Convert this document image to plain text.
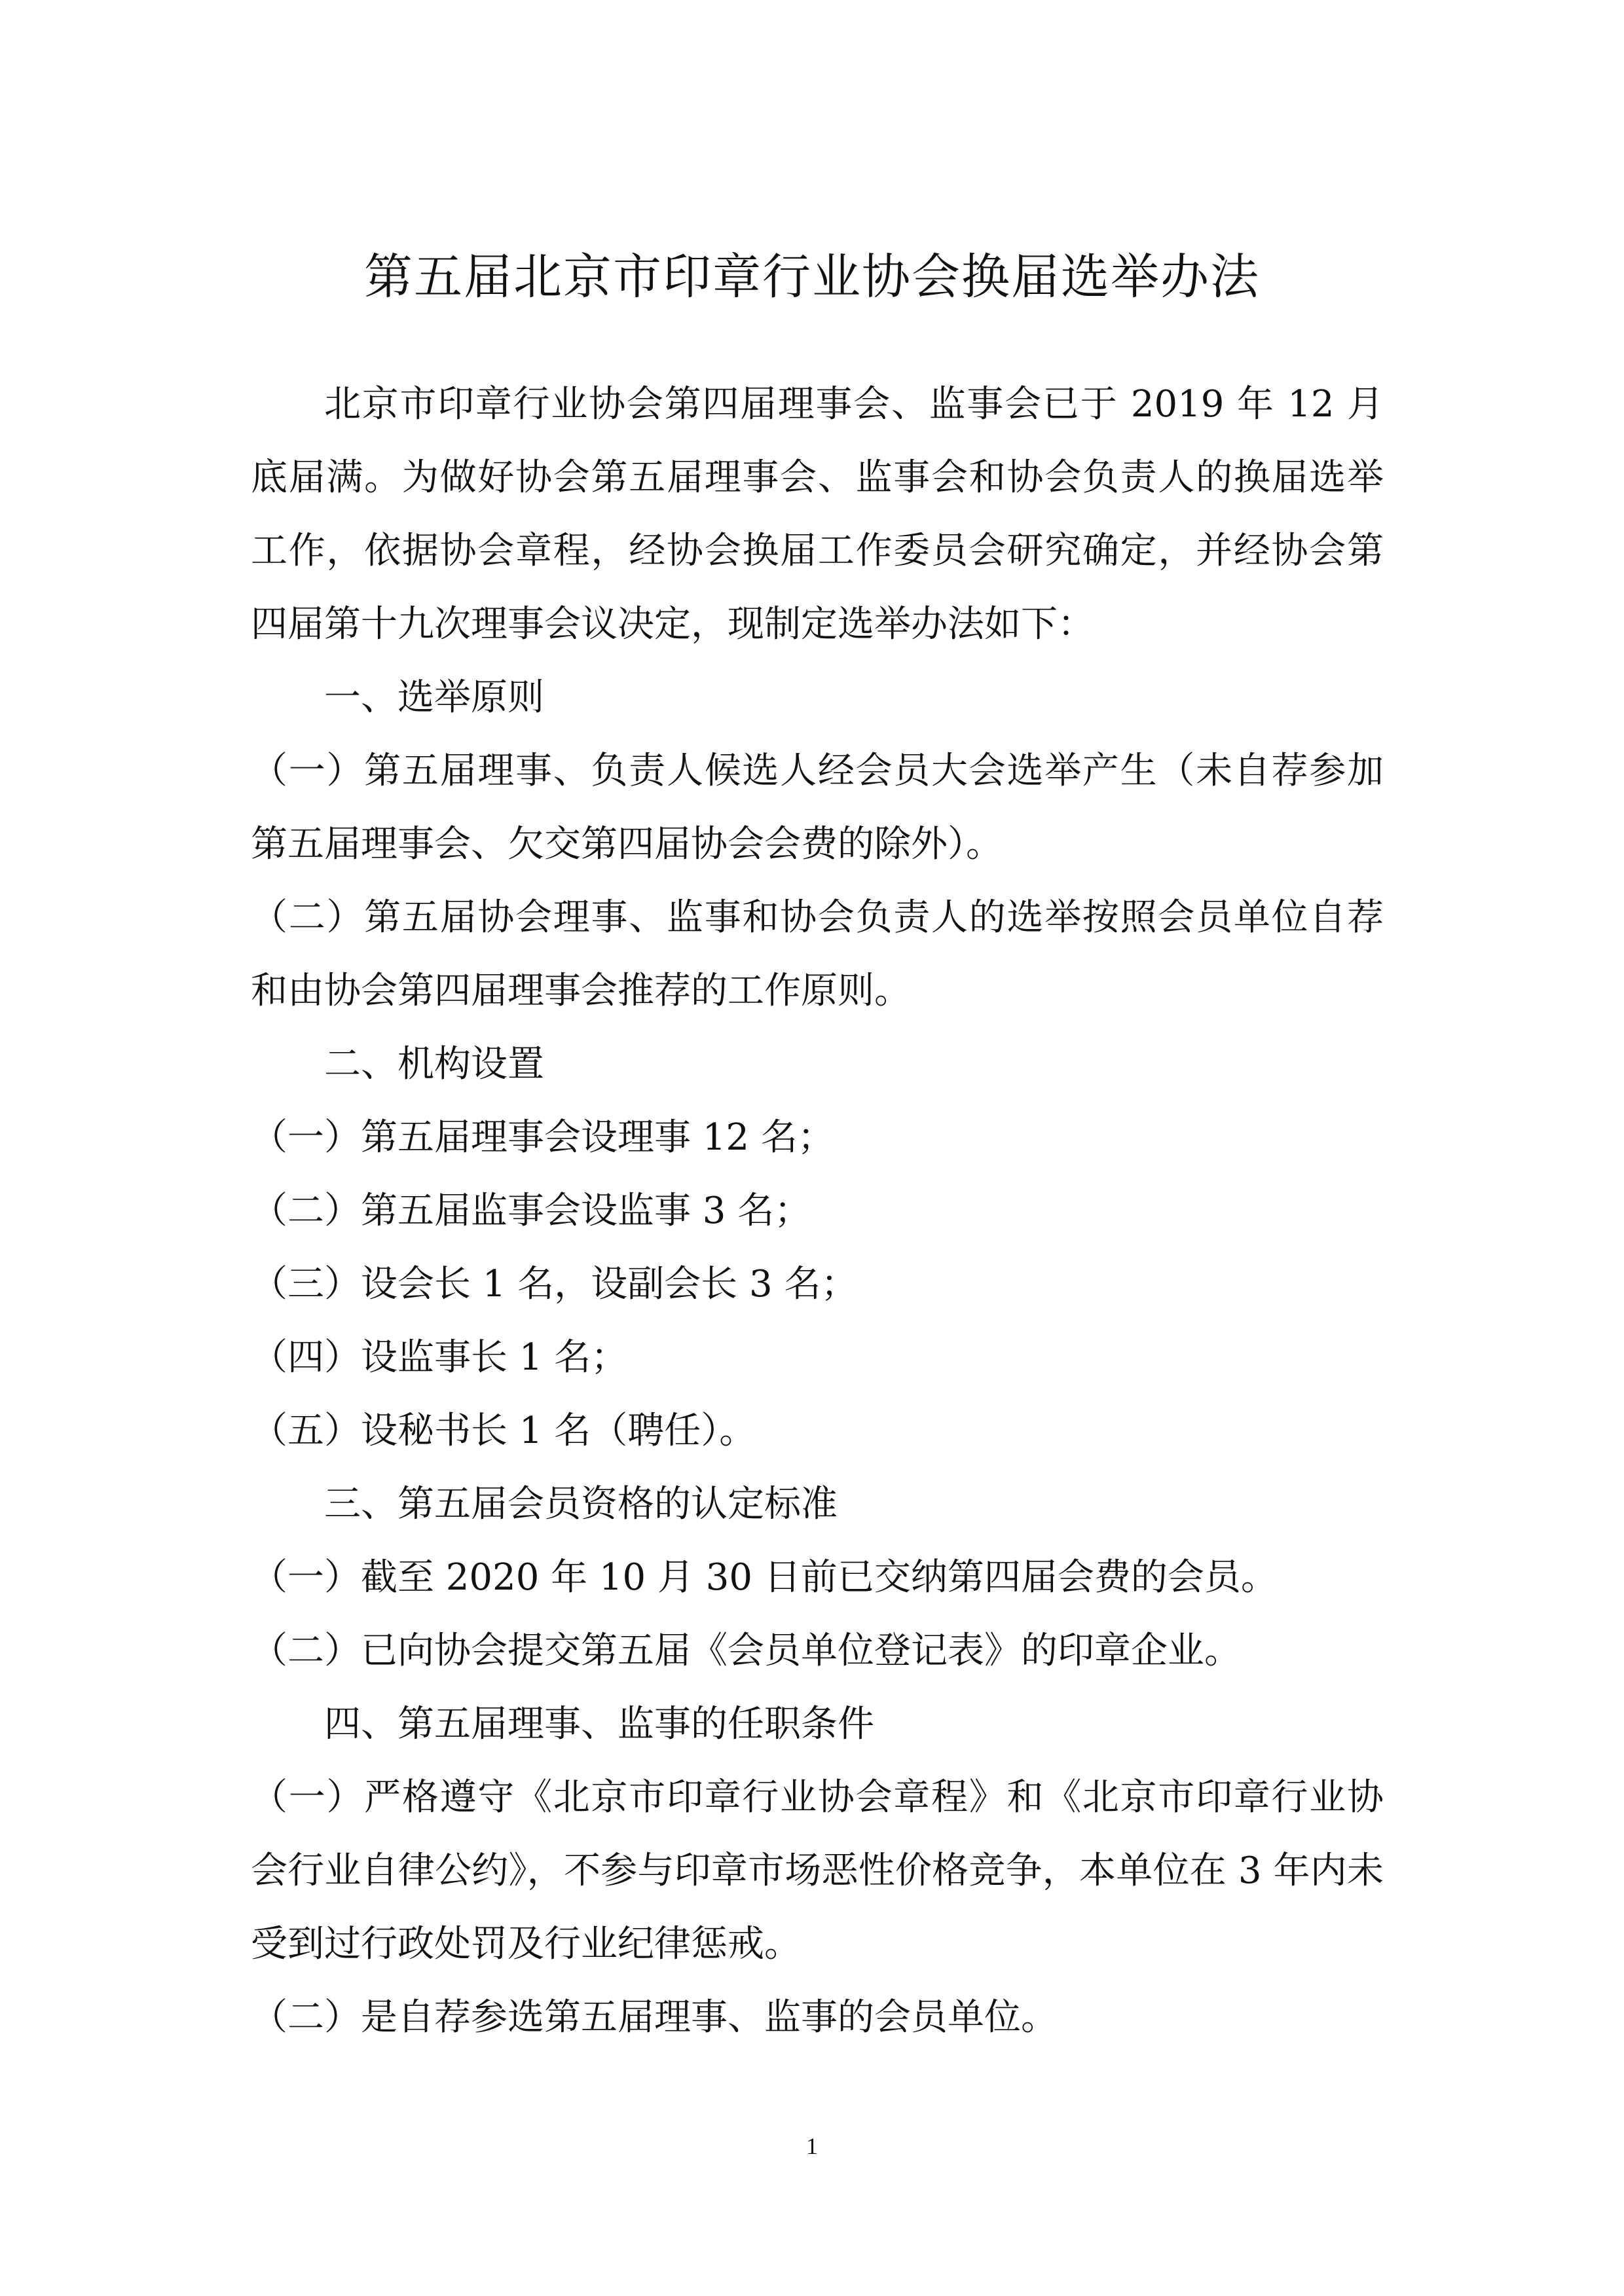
第五届北京市印章行业协会换届选举办法

北京市印章行业协会第四届理事会、监事会已于 2019 年 12 月底届满。为做好协会第五届理事会、监事会和协会负责人的换届选举工作，依据协会章程，经协会换届工作委员会研究确定，并经协会第四届第十九次理事会议决定，现制定选举办法如下：

一、选举原则

（一）第五届理事、负责人候选人经会员大会选举产生（未自荐参加第五届理事会、欠交第四届协会会费的除外）。

（二）第五届协会理事、监事和协会负责人的选举按照会员单位自荐和由协会第四届理事会推荐的工作原则。

二、机构设置

（一）第五届理事会设理事 12 名；

（二）第五届监事会设监事 3 名；

（三）设会长 1 名，设副会长 3 名；

（四）设监事长 1 名；

（五）设秘书长 1 名（聘任）。

三、第五届会员资格的认定标准

（一）截至 2020 年 10 月 30 日前已交纳第四届会费的会员。

（二）已向协会提交第五届《会员单位登记表》的印章企业。

四、第五届理事、监事的任职条件

（一）严格遵守《北京市印章行业协会章程》和《北京市印章行业协会行业自律公约》，不参与印章市场恶性价格竞争，本单位在 3 年内未受到过行政处罚及行业纪律惩戒。

（二）是自荐参选第五届理事、监事的会员单位。

1
